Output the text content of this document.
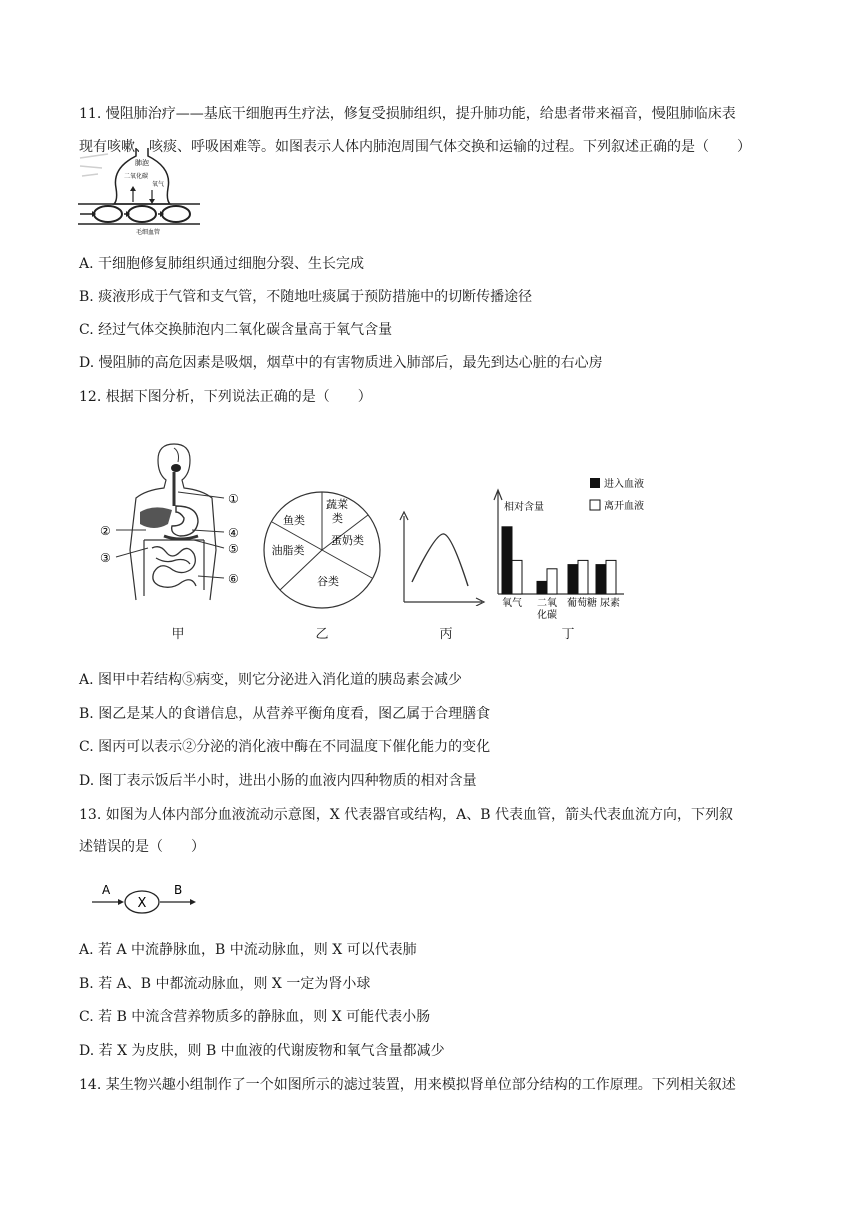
11. 慢阻肺治疗——基底干细胞再生疗法，修复受损肺组织，提升肺功能，给患者带来福音，慢阻肺临床表
现有咳嗽、咳痰、呼吸困难等。如图表示人体内肺泡周围气体交换和运输的过程。下列叙述正确的是（　　）
肺泡
二氧化碳
氧气
毛细血管
A. 干细胞修复肺组织通过细胞分裂、生长完成
B. 痰液形成于气管和支气管，不随地吐痰属于预防措施中的切断传播途径
C. 经过气体交换肺泡内二氧化碳含量高于氧气含量
D. 慢阻肺的高危因素是吸烟，烟草中的有害物质进入肺部后，最先到达心脏的右心房
12. 根据下图分析，下列说法正确的是（　　）
①
②
③
④
⑤
⑥
甲
蔬菜
类
蛋奶类
谷类
油脂类
鱼类
乙	丙
相对含量
进入血液
离开血液
氧气 二氧
化碳
葡萄糖 尿素
丁
A. 图甲中若结构⑤病变，则它分泌进入消化道的胰岛素会减少
B. 图乙是某人的食谱信息，从营养平衡角度看，图乙属于合理膳食
C. 图丙可以表示②分泌的消化液中酶在不同温度下催化能力的变化
D. 图丁表示饭后半小时，进出小肠的血液内四种物质的相对含量
13. 如图为人体内部分血液流动示意图，X 代表器官或结构，A、B 代表血管，箭头代表血流方向，下列叙
述错误的是（　　）
A
X
B
A. 若 A 中流静脉血，B 中流动脉血，则 X 可以代表肺
B. 若 A、B 中都流动脉血，则 X 一定为肾小球
C. 若 B 中流含营养物质多的静脉血，则 X 可能代表小肠
D. 若 X 为皮肤，则 B 中血液的代谢废物和氧气含量都减少
14. 某生物兴趣小组制作了一个如图所示的滤过装置，用来模拟肾单位部分结构的工作原理。下列相关叙述
